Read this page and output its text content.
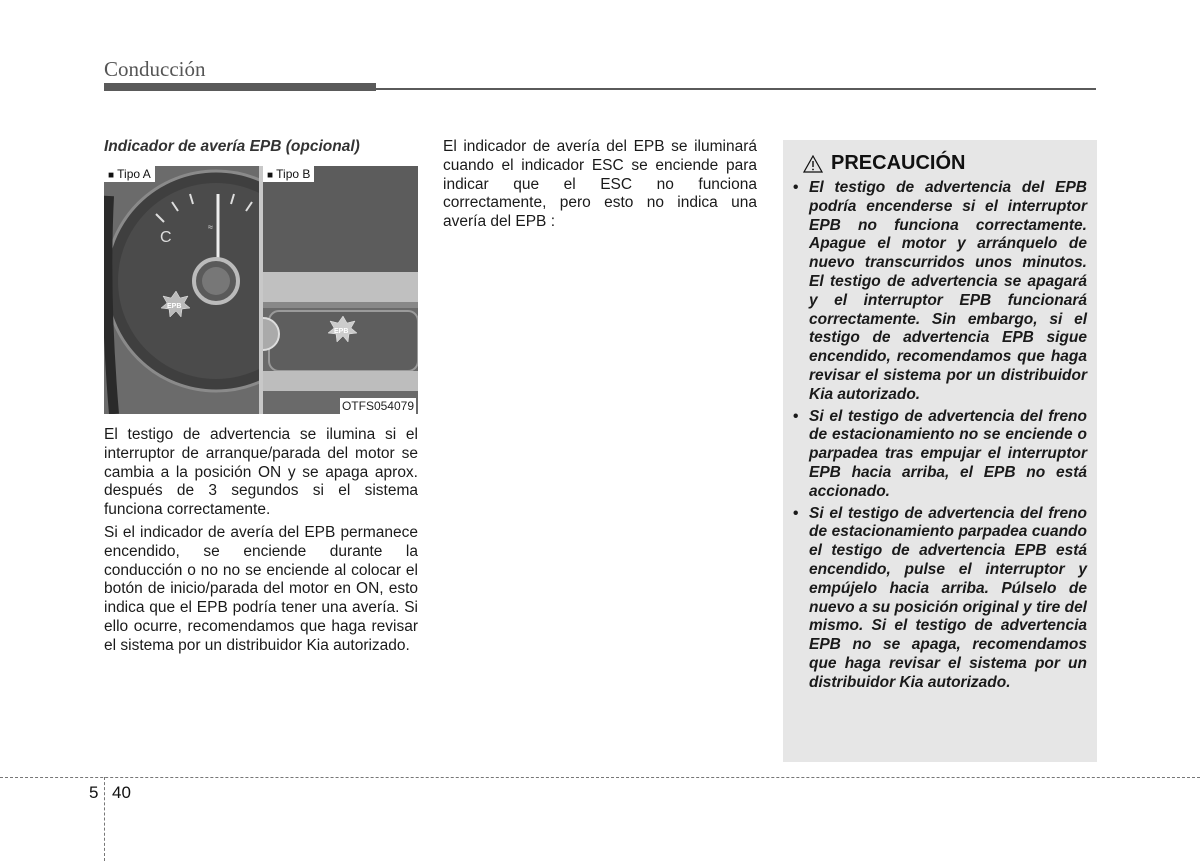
Conducción
Indicador de avería EPB (opcional)
C
≈
EPB
■ Tipo A
EPB
■ Tipo B
OTFS054079

El testigo de advertencia se ilumina si el interruptor de arranque/parada del motor se cambia a la posición ON y se apaga aprox. después de 3 segundos si el sistema funciona correctamente.

Si el indicador de avería del EPB permanece encendido, se enciende durante la conducción o no no se enciende al colocar el botón de inicio/parada del motor en ON, esto indica que el EPB podría tener una avería. Si ello ocurre, recomendamos que haga revisar el sistema por un distribuidor Kia autorizado.

El indicador de avería del EPB se iluminará cuando el indicador ESC se enciende para indicar que el ESC no funciona correctamente, pero esto no indica una avería del EPB :

PRECAUCIÓN
• El testigo de advertencia del EPB podría encenderse si el interruptor EPB no funciona correctamente. Apague el motor y arránquelo de nuevo transcurridos unos minutos. El testigo de advertencia se apagará y el interruptor EPB funcionará correctamente. Sin embargo, si el testigo de advertencia EPB sigue encendido, recomendamos que haga revisar el sistema por un distribuidor Kia autorizado.
• Si el testigo de advertencia del freno de estacionamiento no se enciende o parpadea tras empujar el interruptor EPB hacia arriba, el EPB no está accionado.
• Si el testigo de advertencia del freno de estacionamiento parpadea cuando el testigo de advertencia EPB está encendido, pulse el interruptor y empújelo hacia arriba. Púlselo de nuevo a su posición original y tire del mismo. Si el testigo de advertencia EPB no se apaga, recomendamos que haga revisar el sistema por un distribuidor Kia autorizado.
5 40
